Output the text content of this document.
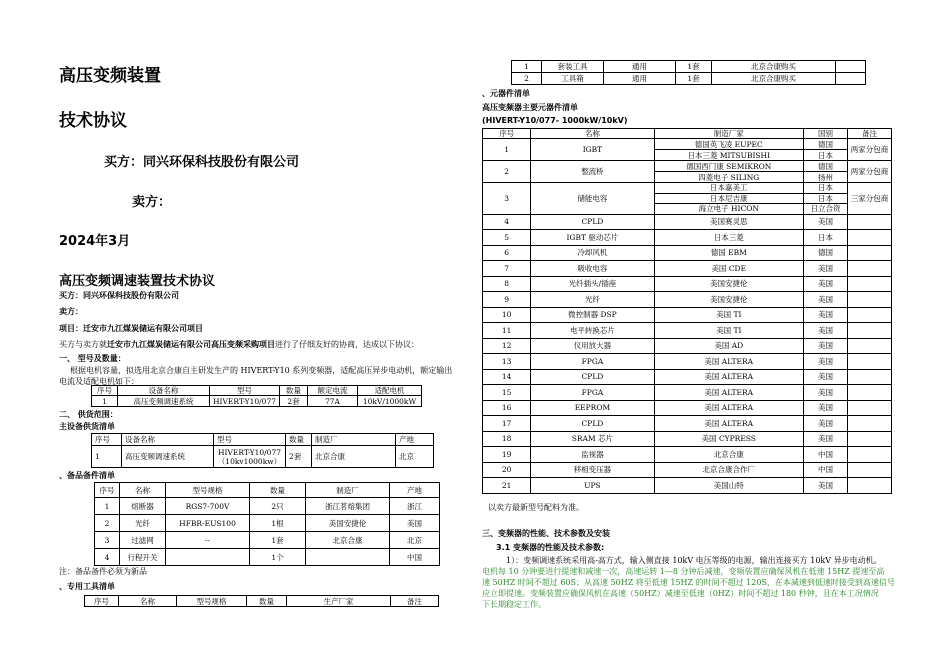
高压变频装置
技术协议
买方：同兴环保科技股份有限公司
卖方：
2024年3月
高压变频调速装置技术协议
买方：同兴环保科技股份有限公司
卖方：
项目：迁安市九江煤炭储运有限公司项目
买方与卖方就迁安市九江煤炭储运有限公司高压变频采购项目进行了仔细友好的协商，达成以下协议：
一、 型号及数量：
根据电机容量，拟选用北京合康自主研发生产的 HIVERT-Y10 系列变频器，适配高压异步电动机，额定输出
电流及适配电机如下：
序号	设备名称	型号	数量	额定电流	适配电机
1	高压变频调速系统	HIVERT-Y10/077	2套	77A	10kV/1000kW
二、 供货范围：
主设备供货清单
序号	设备名称	型号	数量	制造厂	产地
1	高压变频调速系统	HIVERT-Y10/077
（10kv1000kw）	2套	北京合康	北京
、备品备件清单
序号	名称	型号规格	数量	制造厂	产地
1	熔断器	RGS7-700V	2只	浙江茗熔集团	浙江
2	光纤	HFBR-EUS100	1根	美国安捷伦	美国
3	过滤网	--	1套	北京合康	北京
4	行程开关		1个		中国
注：备品备件必须为新品
、专用工具清单
序号	名称	型号规格	数量	生产厂家	备注
1	套装工具	通用	1套	北京合康购买	
2	工具箱	通用	1套	北京合康购买	
、元器件清单
高压变频器主要元器件清单
(HIVERT-Y10/077- 1000kW/10kV)
序号	名称	制造厂家	国别	备注
1	IGBT	德国英飞凌 EUPEC	德国	两家分包商
		日本三菱 MITSUBISHI	日本	
2	整流桥	德国西门康 SEMIKRON	德国	两家分包商
		四菱电子 SILING	扬州	
3	储能电容	日本嘉美工	日本	三家分包商
		日本尼吉康	日本	
		海立电子 HICON	日立合资	
4	CPLD	美国赛灵思	美国	
5	IGBT 驱动芯片	日本三菱	日本	
6	冷却风机	德国 EBM	德国	
7	吸收电容	美国 CDE	美国	
8	光纤插头/插座	美国安捷伦	美国	
9	光纤	美国安捷伦	美国	
10	微控制器 DSP	美国 TI	美国	
11	电平转换芯片	美国 TI	美国	
12	仪用放大器	美国 AD	美国	
13	FPGA	美国 ALTERA	美国	
14	CPLD	美国 ALTERA	美国	
15	FPGA	美国 ALTERA	美国	
16	EEPROM	美国 ALTERA	美国	
17	CPLD	美国 ALTERA	美国	
18	SRAM 芯片	美国 CYPRESS	美国	
19	监视器	北京合康	中国	
20	移相变压器	北京合康合作厂	中国	
21	UPS	美国山特	美国	
以卖方最新型号配料为准。
三、变频器的性能、技术参数及安装
3.1 变频器的性能及技术参数:
1）：变频调速系统采用高-高方式，输入侧直接 10kV 电压等级的电源，输出连接买方 10kV 异步电动机。
电机每 10 分钟要进行提速和减速一次，高速运转 1—8 分钟后减速，变频装置应确保风机在低速 15HZ 提速至高
速 50HZ 时间不超过 60S；从高速 50HZ 将至低速 15HZ 的时间不超过 120S，在本减速到低速时接受到高速信号
应立即提速。变频装置应确保风机在高速（50HZ）减速至低速（0HZ）时间不超过 180 秒钟，且在本工况情况
下长期稳定工作。
